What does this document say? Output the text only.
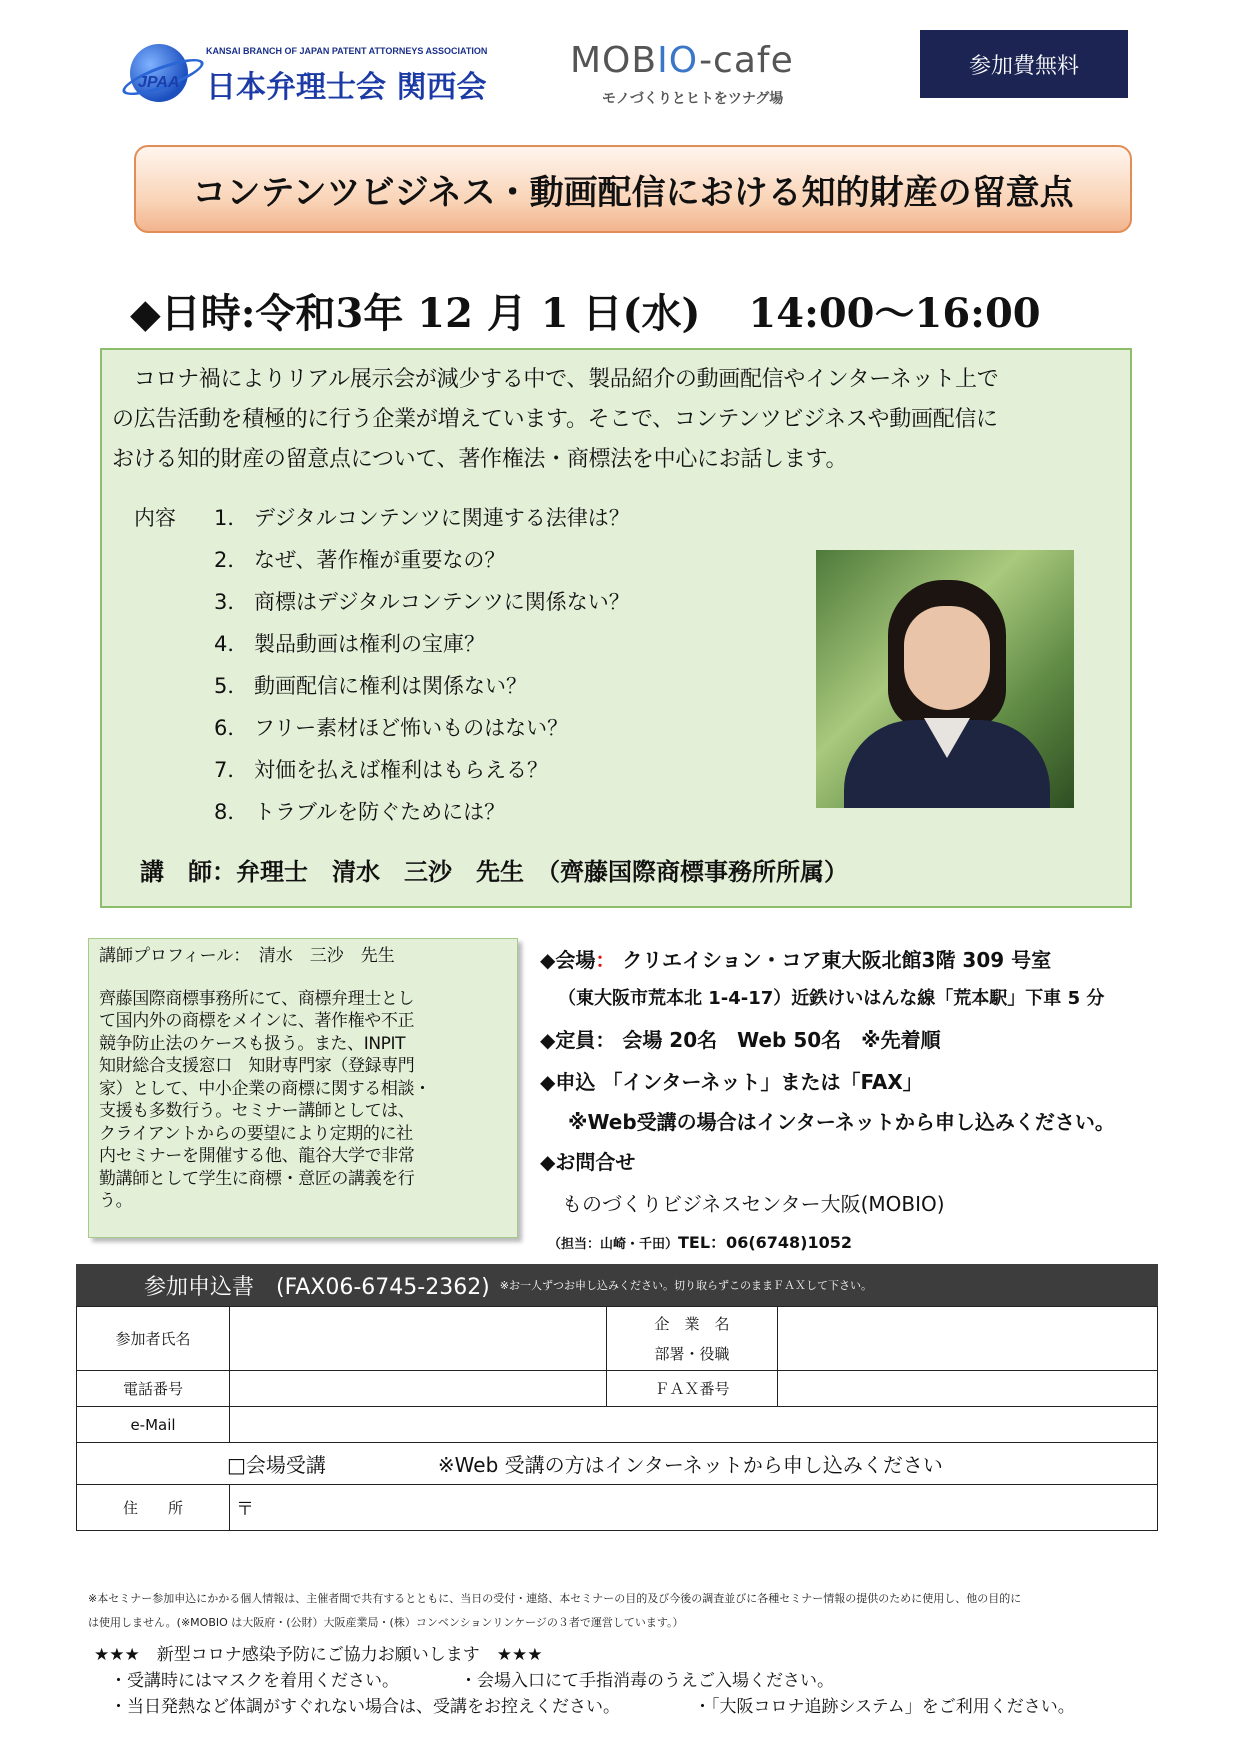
JPAA
KANSAI BRANCH OF JAPAN PATENT ATTORNEYS ASSOCIATION
日本弁理士会 関西会
MOBIO-cafe
モノづくりとヒトをツナグ場
参加費無料
コンテンツビジネス・動画配信における知的財産の留意点
◆日時:令和3年 12 月 1 日(水) 14:00～16:00
　コロナ禍によりリアル展示会が減少する中で、製品紹介の動画配信やインターネット上で
の広告活動を積極的に行う企業が増えています。そこで、コンテンツビジネスや動画配信に
おける知的財産の留意点について、著作権法・商標法を中心にお話します。
内容 1． デジタルコンテンツに関連する法律は？
2． なぜ、著作権が重要なの？
3． 商標はデジタルコンテンツに関係ない？
4． 製品動画は権利の宝庫？
5． 動画配信に権利は関係ない？
6． フリー素材ほど怖いものはない？
7． 対価を払えば権利はもらえる？
8． トラブルを防ぐためには？
講　師：弁理士　清水　三沙　先生　（齊藤国際商標事務所所属）
講師プロフィール：　清水　三沙　先生
齊藤国際商標事務所にて、商標弁理士とし
て国内外の商標をメインに、著作権や不正
競争防止法のケースも扱う。また、INPIT
知財総合支援窓口　知財専門家（登録専門
家）として、中小企業の商標に関する相談・
支援も多数行う。セミナー講師としては、
クライアントからの要望により定期的に社
内セミナーを開催する他、龍谷大学で非常
勤講師として学生に商標・意匠の講義を行
う。
◆会場： クリエイション・コア東大阪北館3階 309 号室
（東大阪市荒本北 1-4-17）近鉄けいはんな線「荒本駅」下車 5 分
◆定員： 会場 20名　Web 50名　※先着順
◆申込 「インターネット」または「FAX」
※Web受講の場合はインターネットから申し込みください。
◆お問合せ
ものづくりビジネスセンター大阪(MOBIO)
（担当：山崎・千田）TEL：06(6748)1052
参加申込書　(FAX06-6745-2362) ※お一人ずつお申し込みください。切り取らずこのままＦＡＸして下さい。
参加者氏名		企　業　名
部署・役職	

電話番号		ＦＡＸ番号	
e-Mail			
□会場受講 ※Web 受講の方はインターネットから申し込みください			
住　　所	〒		
※本セミナー参加申込にかかる個人情報は、主催者間で共有するとともに、当日の受付・連絡、本セミナーの目的及び今後の調査並びに各種セミナー情報の提供のために使用し、他の目的に
は使用しません。(※MOBIO は大阪府・(公財）大阪産業局・(株）コンベンションリンケージの３者で運営しています。）
★★★　新型コロナ感染予防にご協力お願いします　★★★
・受講時にはマスクを着用ください。	・会場入口にて手指消毒のうえご入場ください。
・当日発熱など体調がすぐれない場合は、受講をお控えください。	・「大阪コロナ追跡システム」をご利用ください。
